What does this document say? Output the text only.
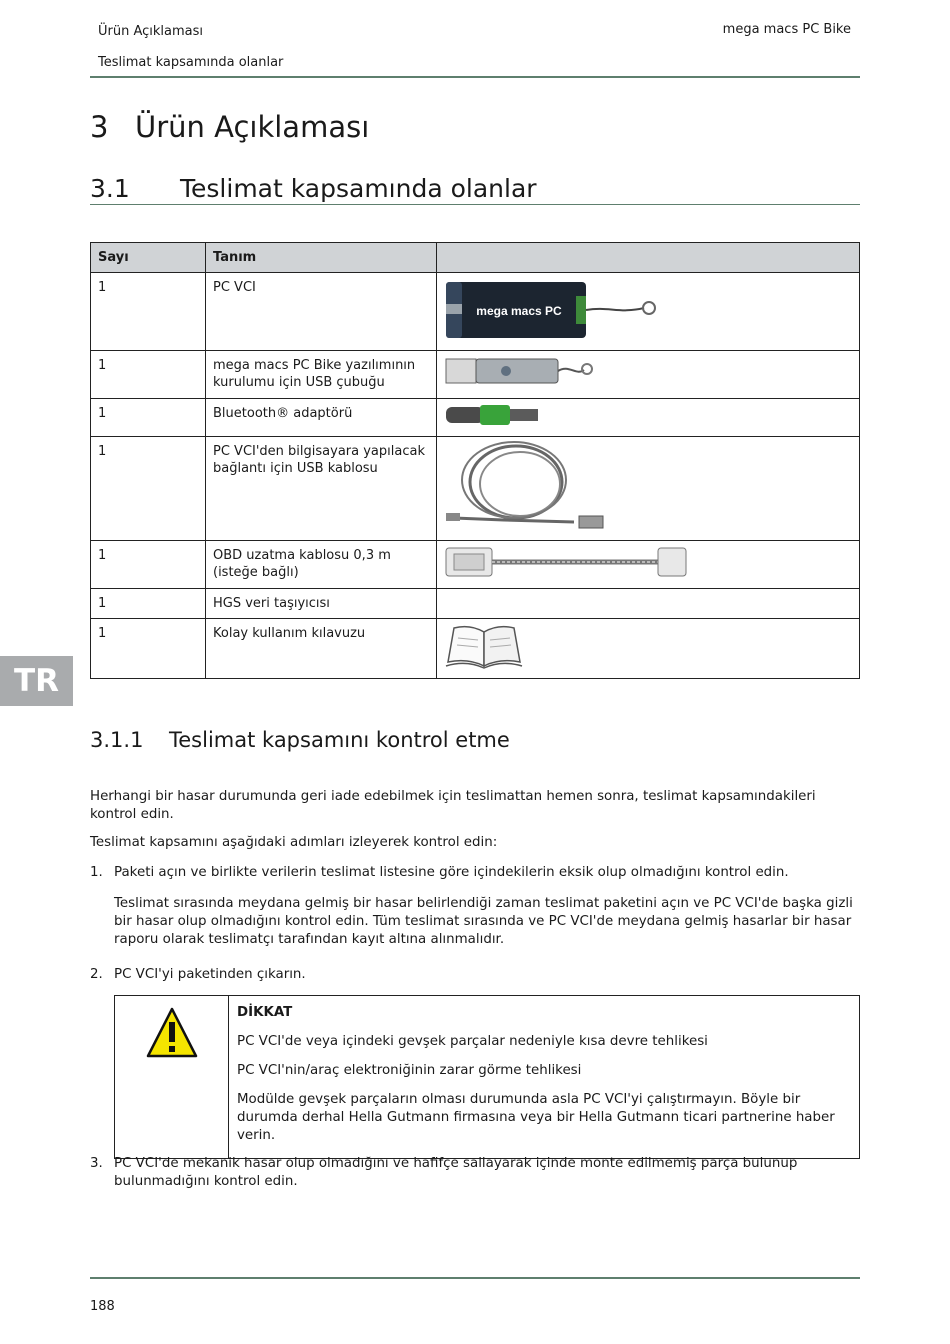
Ürün Açıklaması
Teslimat kapsamında olanlar
mega macs PC Bike
3 Ürün Açıklaması
3.1 Teslimat kapsamında olanlar
Sayı	Tanım	
1	PC VCI	mega macs PC

1	mega macs PC Bike yazılımının kurulumu için USB çubuğu	
1	Bluetooth® adaptörü	
1	PC VCI'den bilgisayara yapılacak bağlantı için USB kablosu	
1	OBD uzatma kablosu 0,3 m (isteğe bağlı)	
1	HGS veri taşıyıcısı	
1	Kolay kullanım kılavuzu	
TR
3.1.1 Teslimat kapsamını kontrol etme
Herhangi bir hasar durumunda geri iade edebilmek için teslimattan hemen sonra, teslimat kapsamındakileri kontrol edin.
Teslimat kapsamını aşağıdaki adımları izleyerek kontrol edin:
1. Paketi açın ve birlikte verilerin teslimat listesine göre içindekilerin eksik olup olmadığını kontrol edin.
Teslimat sırasında meydana gelmiş bir hasar belirlendiği zaman teslimat paketini açın ve PC VCI'de başka gizli bir hasar olup olmadığını kontrol edin. Tüm teslimat sırasında ve PC VCI'de meydana gelmiş hasarlar bir hasar raporu olarak teslimatçı tarafından kayıt altına alınmalıdır.
2. PC VCI'yi paketinden çıkarın.

DİKKAT

PC VCI'de veya içindeki gevşek parçalar nedeniyle kısa devre tehlikesi

PC VCI'nin/araç elektroniğinin zarar görme tehlikesi

Modülde gevşek parçaların olması durumunda asla PC VCI'yi çalıştırmayın. Böyle bir durumda derhal Hella Gutmann firmasına veya bir Hella Gutmann ticari partnerine haber verin.

3. PC VCI'de mekanik hasar olup olmadığını ve hafifçe sallayarak içinde monte edilmemiş parça bulunup bulunmadığını kontrol edin.
188
